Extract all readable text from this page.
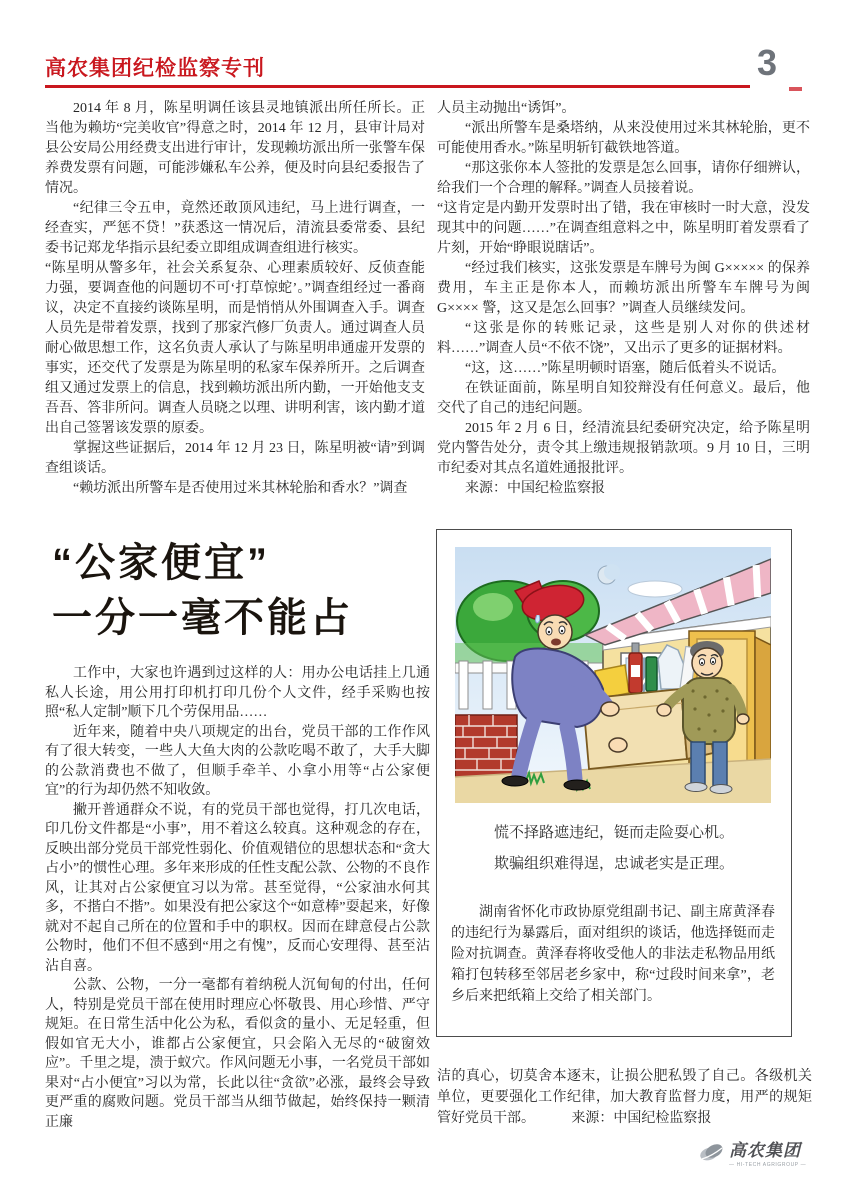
高农集团纪检监察专刊	3

2014 年 8 月，陈星明调任该县灵地镇派出所任所长。正当他为赖坊“完美收官”得意之时，2014 年 12 月，县审计局对县公安局公用经费支出进行审计，发现赖坊派出所一张警车保养费发票有问题，可能涉嫌私车公养，便及时向县纪委报告了情况。

“纪律三令五申，竟然还敢顶风违纪，马上进行调查，一经查实，严惩不贷！”获悉这一情况后，清流县委常委、县纪委书记郑龙华指示县纪委立即组成调查组进行核实。

“陈星明从警多年，社会关系复杂、心理素质较好、反侦查能力强，要调查他的问题切不可‘打草惊蛇’。”调查组经过一番商议，决定不直接约谈陈星明，而是悄悄从外围调查入手。调查人员先是带着发票，找到了那家汽修厂负责人。通过调查人员耐心做思想工作，这名负责人承认了与陈星明串通虚开发票的事实，还交代了发票是为陈星明的私家车保养所开。之后调查组又通过发票上的信息，找到赖坊派出所内勤，一开始他支支吾吾、答非所问。调查人员晓之以理、讲明利害，该内勤才道出自己签署该发票的原委。

掌握这些证据后，2014 年 12 月 23 日，陈星明被“请”到调查组谈话。

“赖坊派出所警车是否使用过米其林轮胎和香水？”调查

人员主动抛出“诱饵”。

“派出所警车是桑塔纳，从来没使用过米其林轮胎，更不可能使用香水。”陈星明斩钉截铁地答道。

“那这张你本人签批的发票是怎么回事，请你仔细辨认，给我们一个合理的解释。”调查人员接着说。

“这肯定是内勤开发票时出了错，我在审核时一时大意，没发现其中的问题……”在调查组意料之中，陈星明盯着发票看了片刻，开始“睁眼说瞎话”。

“经过我们核实，这张发票是车牌号为闽 G××××× 的保养费用，车主正是你本人，而赖坊派出所警车车牌号为闽 G×××× 警，这又是怎么回事？”调查人员继续发问。

“这张是你的转账记录，这些是别人对你的供述材料……”调查人员“不依不饶”，又出示了更多的证据材料。

“这，这……”陈星明顿时语塞，随后低着头不说话。

在铁证面前，陈星明自知狡辩没有任何意义。最后，他交代了自己的违纪问题。

2015 年 2 月 6 日，经清流县纪委研究决定，给予陈星明党内警告处分，责令其上缴违规报销款项。9 月 10 日，三明市纪委对其点名道姓通报批评。

来源：中国纪检监察报

“公家便宜”
一分一毫不能占

工作中，大家也许遇到过这样的人：用办公电话挂上几通私人长途，用公用打印机打印几份个人文件，经手采购也按照“私人定制”顺下几个劳保用品……

近年来，随着中央八项规定的出台，党员干部的工作作风有了很大转变，一些人大鱼大肉的公款吃喝不敢了，大手大脚的公款消费也不做了，但顺手牵羊、小拿小用等“占公家便宜”的行为却仍然不知收敛。

撇开普通群众不说，有的党员干部也觉得，打几次电话，印几份文件都是“小事”，用不着这么较真。这种观念的存在，反映出部分党员干部党性弱化、价值观错位的思想状态和“贪大占小”的惯性心理。多年来形成的任性支配公款、公物的不良作风，让其对占公家便宜习以为常。甚至觉得，“公家油水何其多，不揩白不揩”。如果没有把公家这个“如意棒”耍起来，好像就对不起自己所在的位置和手中的职权。因而在肆意侵占公款公物时，他们不但不感到“用之有愧”，反而心安理得、甚至沾沾自喜。

公款、公物，一分一毫都有着纳税人沉甸甸的付出，任何人，特别是党员干部在使用时理应心怀敬畏、用心珍惜、严守规矩。在日常生活中化公为私，看似贪的量小、无足轻重，但假如官无大小，谁都占公家便宜，只会陷入无尽的“破窗效应”。千里之堤，溃于蚁穴。作风问题无小事，一名党员干部如果对“占小便宜”习以为常，长此以往“贪欲”必涨，最终会导致更严重的腐败问题。党员干部当从细节做起，始终保持一颗清正廉

慌不择路遮违纪，铤而走险耍心机。

欺骗组织难得逞，忠诚老实是正理。

湖南省怀化市政协原党组副书记、副主席黄泽春的违纪行为暴露后，面对组织的谈话，他选择铤而走险对抗调查。黄泽春将收受他人的非法走私物品用纸箱打包转移至邻居老乡家中，称“过段时间来拿”，老乡后来把纸箱上交给了相关部门。

洁的真心，切莫舍本逐末，让损公肥私毁了自己。各级机关单位，更要强化工作纪律，加大教育监督力度，用严的规矩管好党员干部。	来源：中国纪检监察报

高农集团
— HI-TECH AGRIGROUP —
